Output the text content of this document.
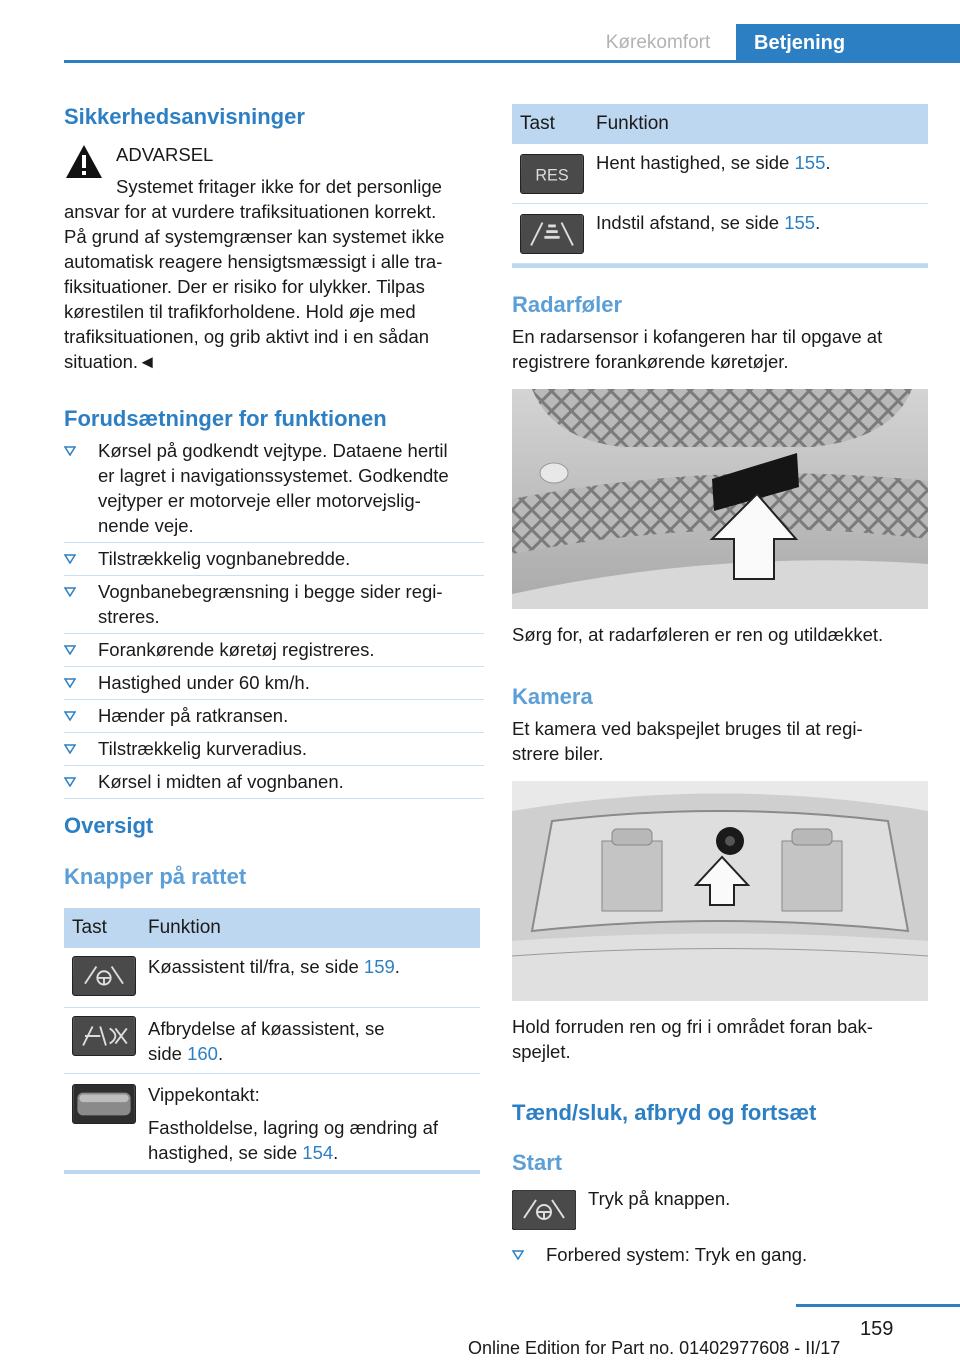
Kørekomfort	Betjening
Sikkerhedsanvisninger
ADVARSEL
Systemet fritager ikke for det personlige
ansvar for at vurdere trafiksituationen korrekt.
På grund af systemgrænser kan systemet ikke
automatisk reagere hensigtsmæssigt i alle tra‐
fiksituationer. Der er risiko for ulykker. Tilpas
kørestilen til trafikforholdene. Hold øje med
trafiksituationen, og grib aktivt ind i en sådan
situation.◄
Forudsætninger for funktionen
Kørsel på godkendt vejtype. Dataene hertil
er lagret i navigationssystemet. Godkendte
vejtyper er motorveje eller motorvejslig‐
nende veje.
Tilstrækkelig vognbanebredde.
Vognbanebegrænsning i begge sider regi‐
streres.
Forankørende køretøj registreres.
Hastighed under 60 km/h.
Hænder på ratkransen.
Tilstrækkelig kurveradius.
Kørsel i midten af vognbanen.
Oversigt
Knapper på rattet
Tast Funktion
Køassistent til/fra, se side 159.
Afbrydelse af køassistent, se
side 160.
Vippekontakt:
Fastholdelse, lagring og ændring af
hastighed, se side 154.
Tast Funktion
RES
Hent hastighed, se side 155.
Indstil afstand, se side 155.
Radarføler
En radarsensor i kofangeren har til opgave at
registrere forankørende køretøjer.
Sørg for, at radarføleren er ren og utildækket.
Kamera
Et kamera ved bakspejlet bruges til at regi‐
strere biler.
Hold forruden ren og fri i området foran bak‐
spejlet.
Tænd/sluk, afbryd og fortsæt
Start
Tryk på knappen.
Forbered system: Tryk en gang.
159
Online Edition for Part no. 01402977608 - II/17
